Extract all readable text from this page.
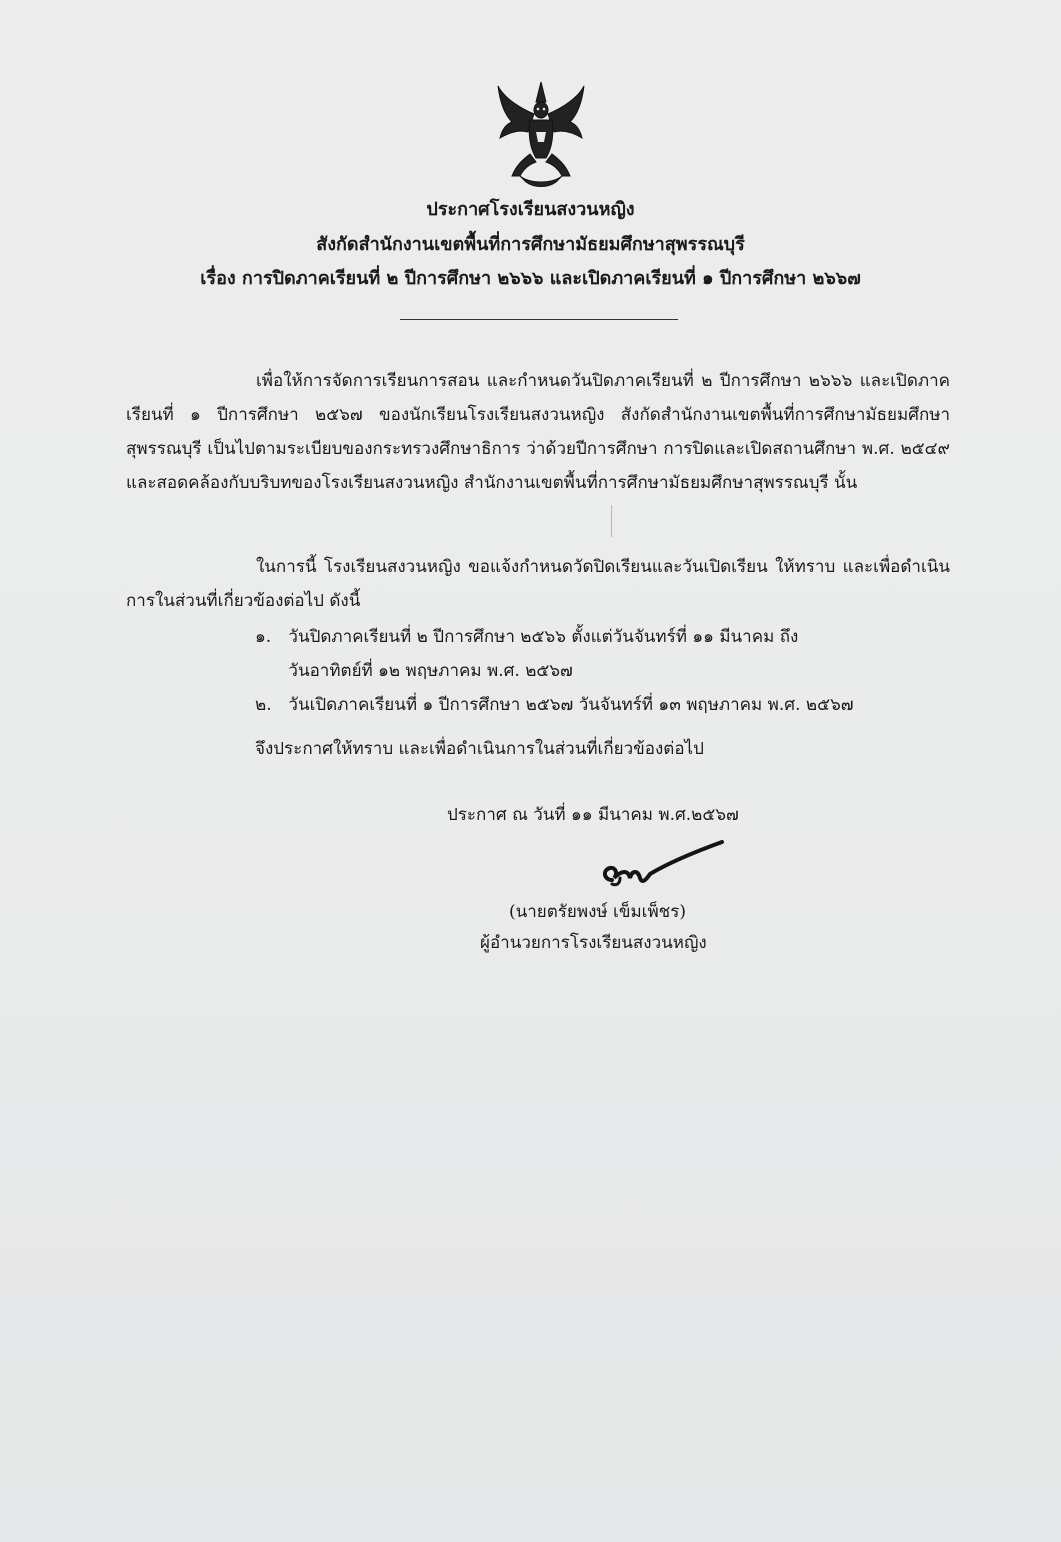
ประกาศโรงเรียนสงวนหญิง
สังกัดสำนักงานเขตพื้นที่การศึกษามัธยมศึกษาสุพรรณบุรี
เรื่อง การปิดภาคเรียนที่ ๒ ปีการศึกษา ๒๖๖๖ และเปิดภาคเรียนที่ ๑ ปีการศึกษา ๒๖๖๗
เพื่อให้การจัดการเรียนการสอน และกำหนดวันปิดภาคเรียนที่ ๒ ปีการศึกษา ๒๖๖๖ และเปิดภาคเรียนที่ ๑ ปีการศึกษา ๒๕๖๗ ของนักเรียนโรงเรียนสงวนหญิง สังกัดสำนักงานเขตพื้นที่การศึกษามัธยมศึกษาสุพรรณบุรี เป็นไปตามระเบียบของกระทรวงศึกษาธิการ ว่าด้วยปีการศึกษา การปิดและเปิดสถานศึกษา พ.ศ. ๒๕๔๙ และสอดคล้องกับบริบทของโรงเรียนสงวนหญิง สำนักงานเขตพื้นที่การศึกษามัธยมศึกษาสุพรรณบุรี นั้น
ในการนี้ โรงเรียนสงวนหญิง ขอแจ้งกำหนดวัดปิดเรียนและวันเปิดเรียน ให้ทราบ และเพื่อดำเนินการในส่วนที่เกี่ยวข้องต่อไป ดังนี้
๑. วันปิดภาคเรียนที่ ๒ ปีการศึกษา ๒๕๖๖ ตั้งแต่วันจันทร์ที่ ๑๑ มีนาคม ถึง
วันอาทิตย์ที่ ๑๒ พฤษภาคม พ.ศ. ๒๕๖๗
๒. วันเปิดภาคเรียนที่ ๑ ปีการศึกษา ๒๕๖๗ วันจันทร์ที่ ๑๓ พฤษภาคม พ.ศ. ๒๕๖๗
จึงประกาศให้ทราบ และเพื่อดำเนินการในส่วนที่เกี่ยวข้องต่อไป
ประกาศ ณ วันที่ ๑๑ มีนาคม พ.ศ.๒๕๖๗
(นายตรัยพงษ์ เข็มเพ็ชร)
ผู้อำนวยการโรงเรียนสงวนหญิง
